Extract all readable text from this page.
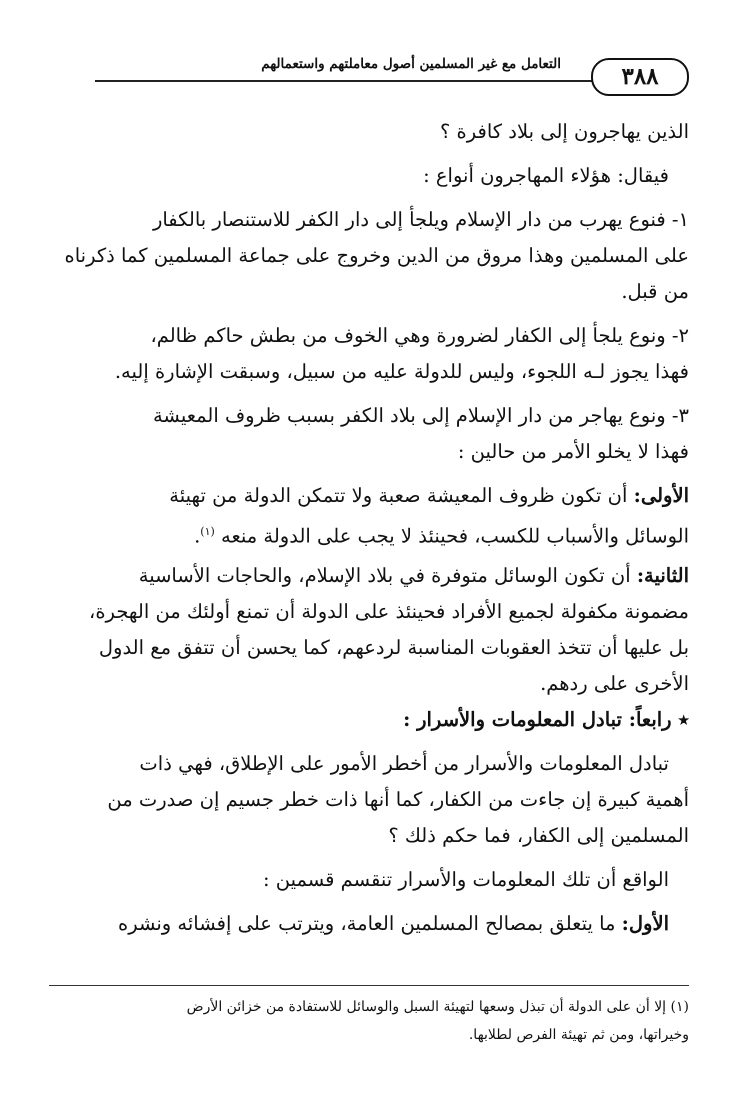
التعامل مع غير المسلمين أصول معاملتهم واستعمالهم	٣٨٨
الذين يهاجرون إلى بلاد كافرة ؟
فيقال: هؤلاء المهاجرون أنواع :
١- فنوع يهرب من دار الإسلام ويلجأ إلى دار الكفر للاستنصار بالكفار
على المسلمين وهذا مروق من الدين وخروج على جماعة المسلمين كما ذكرناه
من قبل.
٢- ونوع يلجأ إلى الكفار لضرورة وهي الخوف من بطش حاكم ظالم،
فهذا يجوز لـه اللجوء، وليس للدولة عليه من سبيل، وسبقت الإشارة إليه.
٣- ونوع يهاجر من دار الإسلام إلى بلاد الكفر بسبب ظروف المعيشة
فهذا لا يخلو الأمر من حالين :
الأولى: أن تكون ظروف المعيشة صعبة ولا تتمكن الدولة من تهيئة
الوسائل والأسباب للكسب، فحينئذ لا يجب على الدولة منعه $^{(١)}$.
الثانية: أن تكون الوسائل متوفرة في بلاد الإسلام، والحاجات الأساسية
مضمونة مكفولة لجميع الأفراد فحينئذ على الدولة أن تمنع أولئك من الهجرة،
بل عليها أن تتخذ العقوبات المناسبة لردعهم، كما يحسن أن تتفق مع الدول
الأخرى على ردهم.
٭ رابعاً: تبادل المعلومات والأسرار :
تبادل المعلومات والأسرار من أخطر الأمور على الإطلاق، فهي ذات
أهمية كبيرة إن جاءت من الكفار، كما أنها ذات خطر جسيم إن صدرت من
المسلمين إلى الكفار، فما حكم ذلك ؟
الواقع أن تلك المعلومات والأسرار تنقسم قسمين :
الأول: ما يتعلق بمصالح المسلمين العامة، ويترتب على إفشائه ونشره
(١) إلا أن على الدولة أن تبذل وسعها لتهيئة السبل والوسائل للاستفادة من خزائن الأرض
وخيراتها، ومن ثم تهيئة الفرص لطلابها.
